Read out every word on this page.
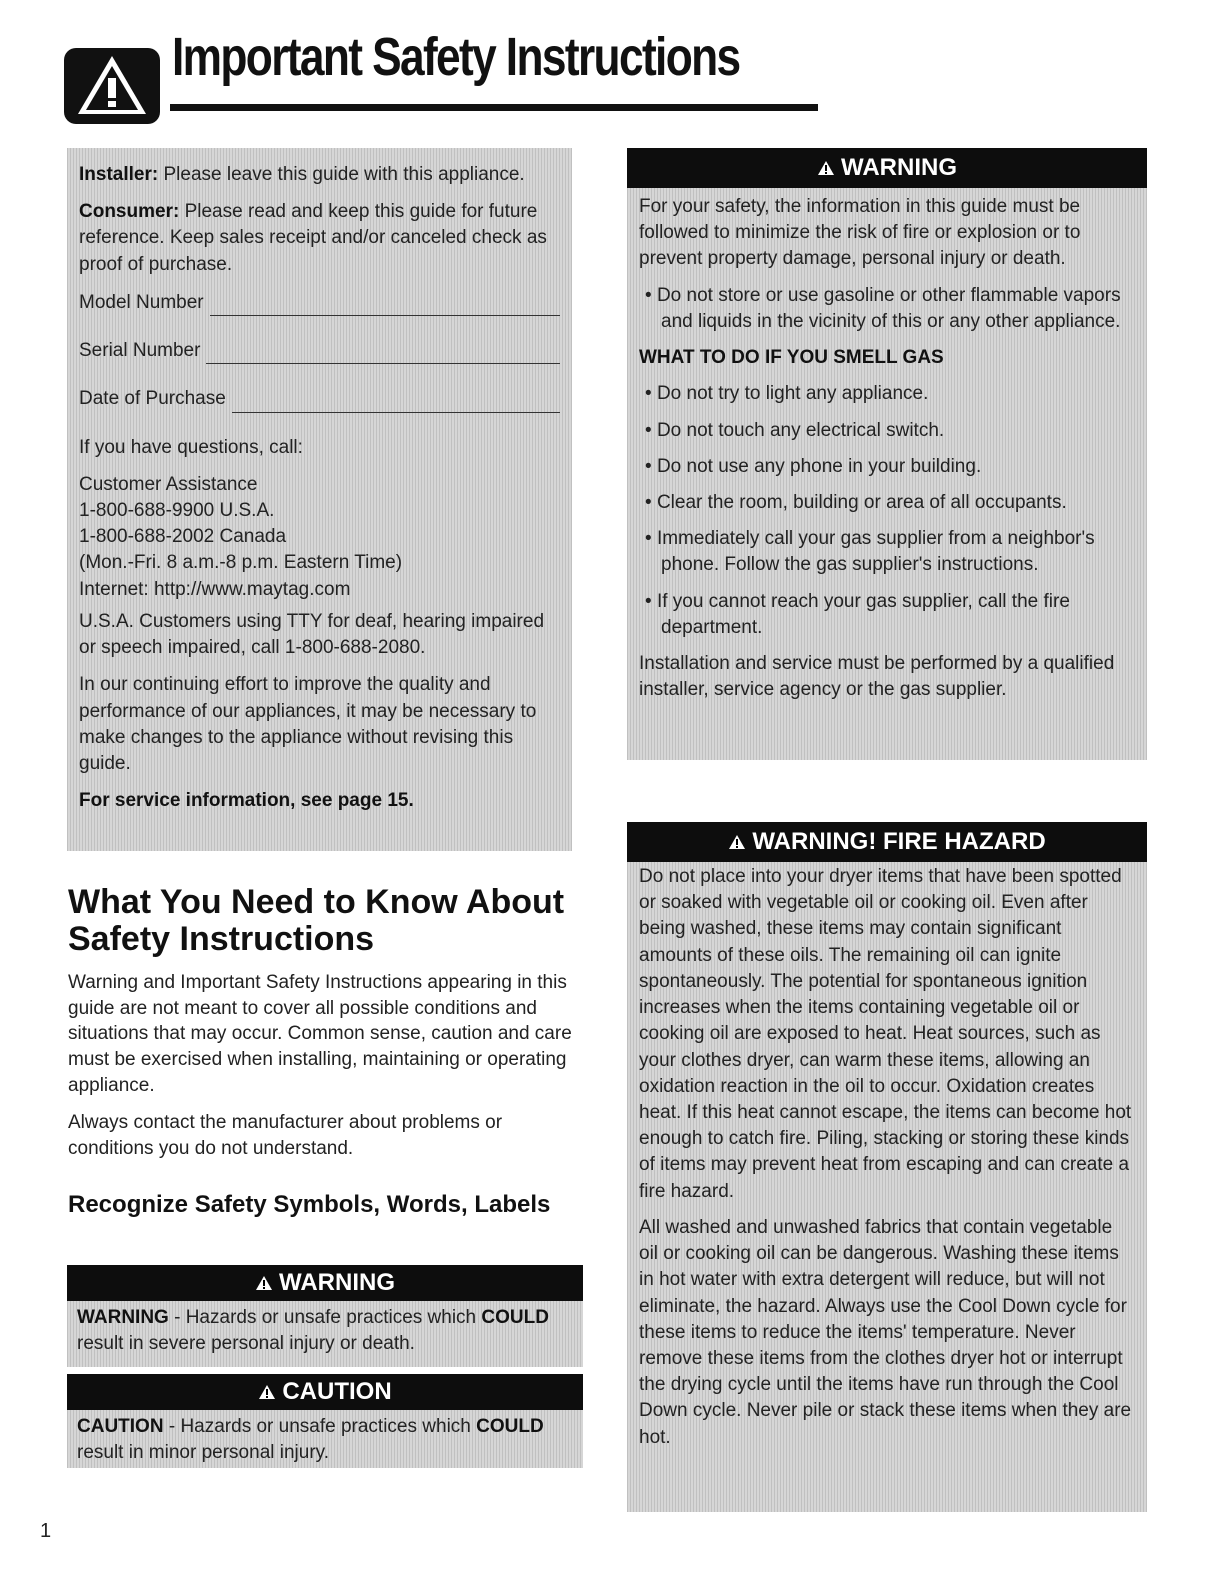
Important Safety Instructions

Installer: Please leave this guide with this appliance.

Consumer: Please read and keep this guide for future reference. Keep sales receipt and/or canceled check as proof of purchase.

Model Number
Serial Number
Date of Purchase

If you have questions, call:

Customer Assistance
1-800-688-9900 U.S.A.
1-800-688-2002 Canada
(Mon.-Fri. 8 a.m.-8 p.m. Eastern Time)
Internet: http://www.maytag.com

U.S.A. Customers using TTY for deaf, hearing impaired or speech impaired, call 1-800-688-2080.

In our continuing effort to improve the quality and performance of our appliances, it may be necessary to make changes to the appliance without revising this guide.

For service information, see page 15.

What You Need to Know About Safety Instructions

Warning and Important Safety Instructions appearing in this guide are not meant to cover all possible conditions and situations that may occur. Common sense, caution and care must be exercised when installing, maintaining or operating appliance.

Always contact the manufacturer about problems or conditions you do not understand.

Recognize Safety Symbols, Words, Labels
WARNING
WARNING - Hazards or unsafe practices which COULD result in severe personal injury or death.
CAUTION
CAUTION - Hazards or unsafe practices which COULD result in minor personal injury.
WARNING

For your safety, the information in this guide must be followed to minimize the risk of fire or explosion or to prevent property damage, personal injury or death.

• Do not store or use gasoline or other flammable vapors and liquids in the vicinity of this or any other appliance.

WHAT TO DO IF YOU SMELL GAS

• Do not try to light any appliance.

• Do not touch any electrical switch.

• Do not use any phone in your building.

• Clear the room, building or area of all occupants.

• Immediately call your gas supplier from a neighbor's phone. Follow the gas supplier's instructions.

• If you cannot reach your gas supplier, call the fire department.

Installation and service must be performed by a qualified installer, service agency or the gas supplier.

WARNING! FIRE HAZARD

Do not place into your dryer items that have been spotted or soaked with vegetable oil or cooking oil. Even after being washed, these items may contain significant amounts of these oils. The remaining oil can ignite spontaneously. The potential for spontaneous ignition increases when the items containing vegetable oil or cooking oil are exposed to heat. Heat sources, such as your clothes dryer, can warm these items, allowing an oxidation reaction in the oil to occur. Oxidation creates heat. If this heat cannot escape, the items can become hot enough to catch fire. Piling, stacking or storing these kinds of items may prevent heat from escaping and can create a fire hazard.

All washed and unwashed fabrics that contain vegetable oil or cooking oil can be dangerous. Washing these items in hot water with extra detergent will reduce, but will not eliminate, the hazard. Always use the Cool Down cycle for these items to reduce the items' temperature. Never remove these items from the clothes dryer hot or interrupt the drying cycle until the items have run through the Cool Down cycle. Never pile or stack these items when they are hot.

1
